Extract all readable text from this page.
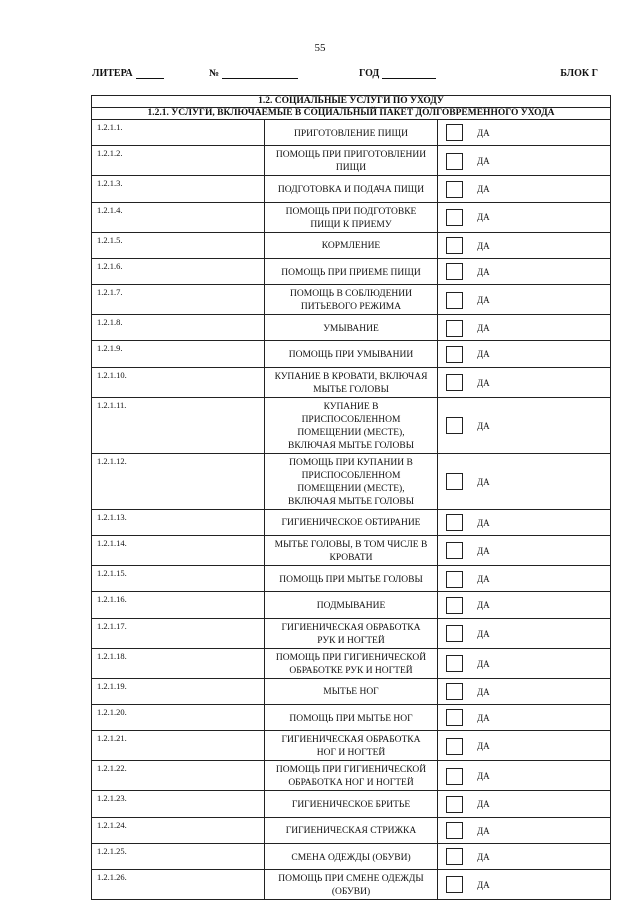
55
ЛИТЕРА	№	ГОД	БЛОК Г
1.2. СОЦИАЛЬНЫЕ УСЛУГИ ПО УХОДУ		
1.2.1. УСЛУГИ, ВКЛЮЧАЕМЫЕ В СОЦИАЛЬНЫЙ ПАКЕТ ДОЛГОВРЕМЕННОГО УХОДА		
1.2.1.1.	ПРИГОТОВЛЕНИЕ ПИЩИ	ДА
1.2.1.2.	ПОМОЩЬ ПРИ ПРИГОТОВЛЕНИИ ПИЩИ	ДА
1.2.1.3.	ПОДГОТОВКА И ПОДАЧА ПИЩИ	ДА
1.2.1.4.	ПОМОЩЬ ПРИ ПОДГОТОВКЕ ПИЩИ К ПРИЕМУ	ДА
1.2.1.5.	КОРМЛЕНИЕ	ДА
1.2.1.6.	ПОМОЩЬ ПРИ ПРИЕМЕ ПИЩИ	ДА
1.2.1.7.	ПОМОЩЬ В СОБЛЮДЕНИИ ПИТЬЕВОГО РЕЖИМА	ДА
1.2.1.8.	УМЫВАНИЕ	ДА
1.2.1.9.	ПОМОЩЬ ПРИ УМЫВАНИИ	ДА
1.2.1.10.	КУПАНИЕ В КРОВАТИ, ВКЛЮЧАЯ МЫТЬЕ ГОЛОВЫ	ДА
1.2.1.11.	КУПАНИЕ В ПРИСПОСОБЛЕННОМ ПОМЕЩЕНИИ (МЕСТЕ), ВКЛЮЧАЯ МЫТЬЕ ГОЛОВЫ	ДА
1.2.1.12.	ПОМОЩЬ ПРИ КУПАНИИ В ПРИСПОСОБЛЕННОМ ПОМЕЩЕНИИ (МЕСТЕ), ВКЛЮЧАЯ МЫТЬЕ ГОЛОВЫ	ДА
1.2.1.13.	ГИГИЕНИЧЕСКОЕ ОБТИРАНИЕ	ДА
1.2.1.14.	МЫТЬЕ ГОЛОВЫ, В ТОМ ЧИСЛЕ В КРОВАТИ	ДА
1.2.1.15.	ПОМОЩЬ ПРИ МЫТЬЕ ГОЛОВЫ	ДА
1.2.1.16.	ПОДМЫВАНИЕ	ДА
1.2.1.17.	ГИГИЕНИЧЕСКАЯ ОБРАБОТКА РУК И НОГТЕЙ	ДА
1.2.1.18.	ПОМОЩЬ ПРИ ГИГИЕНИЧЕСКОЙ ОБРАБОТКЕ РУК И НОГТЕЙ	ДА
1.2.1.19.	МЫТЬЕ НОГ	ДА
1.2.1.20.	ПОМОЩЬ ПРИ МЫТЬЕ НОГ	ДА
1.2.1.21.	ГИГИЕНИЧЕСКАЯ ОБРАБОТКА НОГ И НОГТЕЙ	ДА
1.2.1.22.	ПОМОЩЬ ПРИ ГИГИЕНИЧЕСКОЙ ОБРАБОТКА НОГ И НОГТЕЙ	ДА
1.2.1.23.	ГИГИЕНИЧЕСКОЕ БРИТЬЕ	ДА
1.2.1.24.	ГИГИЕНИЧЕСКАЯ СТРИЖКА	ДА
1.2.1.25.	СМЕНА ОДЕЖДЫ (ОБУВИ)	ДА
1.2.1.26.	ПОМОЩЬ ПРИ СМЕНЕ ОДЕЖДЫ (ОБУВИ)	ДА
